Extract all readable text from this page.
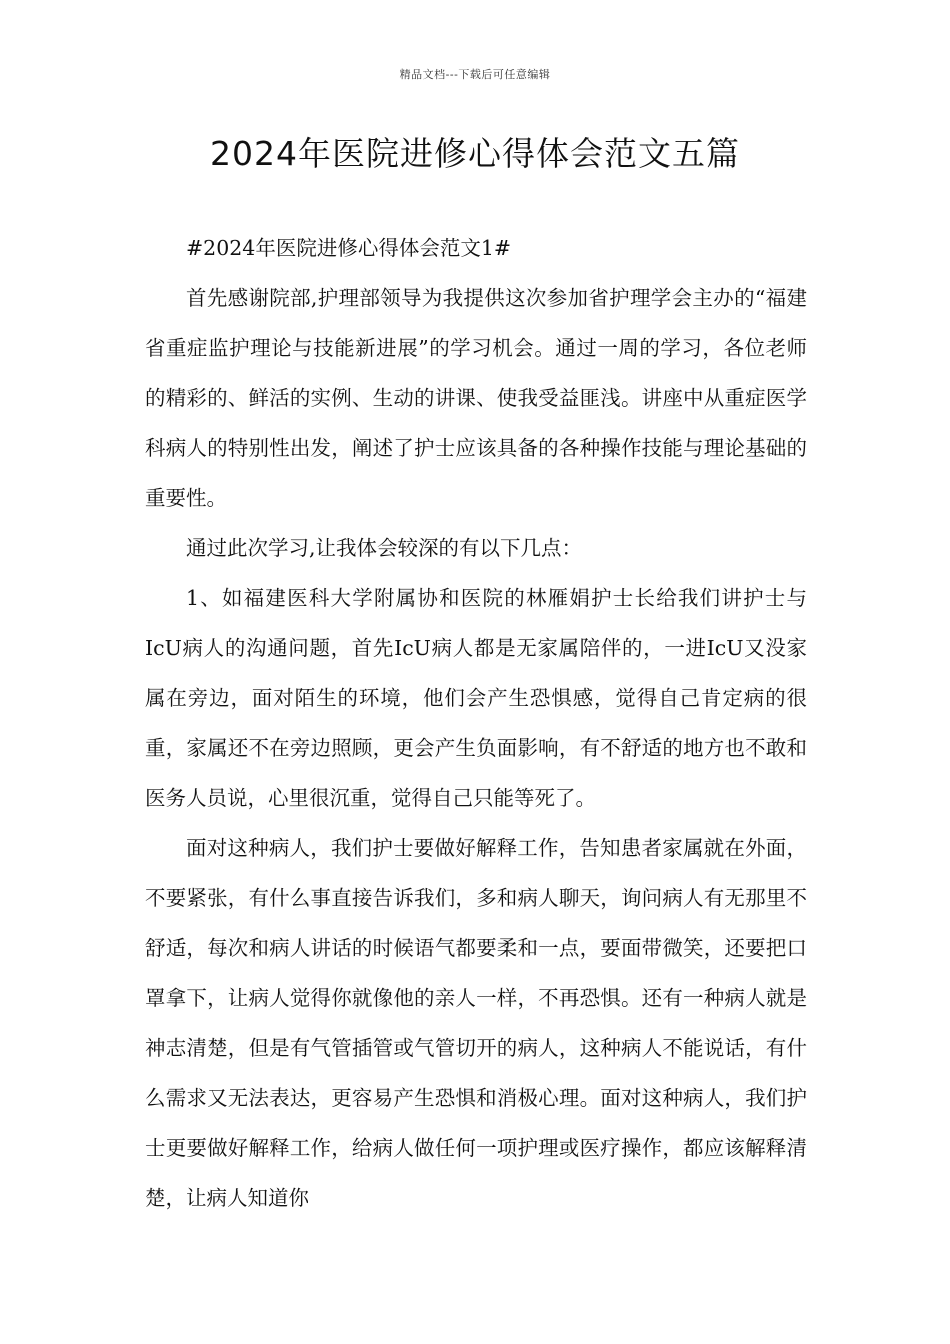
精品文档---下载后可任意编辑
2024年医院进修心得体会范文五篇

#2024年医院进修心得体会范文1#

首先感谢院部,护理部领导为我提供这次参加省护理学会主办的“福建省重症监护理论与技能新进展”的学习机会。通过一周的学习，各位老师的精彩的、鲜活的实例、生动的讲课、使我受益匪浅。讲座中从重症医学科病人的特别性出发，阐述了护士应该具备的各种操作技能与理论基础的重要性。

通过此次学习,让我体会较深的有以下几点：

1、如福建医科大学附属协和医院的林雁娟护士长给我们讲护士与IcU病人的沟通问题，首先IcU病人都是无家属陪伴的，一进IcU又没家属在旁边，面对陌生的环境，他们会产生恐惧感，觉得自己肯定病的很重，家属还不在旁边照顾，更会产生负面影响，有不舒适的地方也不敢和医务人员说，心里很沉重，觉得自己只能等死了。

面对这种病人，我们护士要做好解释工作，告知患者家属就在外面，不要紧张，有什么事直接告诉我们，多和病人聊天，询问病人有无那里不舒适，每次和病人讲话的时候语气都要柔和一点，要面带微笑，还要把口罩拿下，让病人觉得你就像他的亲人一样，不再恐惧。还有一种病人就是神志清楚，但是有气管插管或气管切开的病人，这种病人不能说话，有什么需求又无法表达，更容易产生恐惧和消极心理。面对这种病人，我们护士更要做好解释工作，给病人做任何一项护理或医疗操作，都应该解释清楚，让病人知道你
